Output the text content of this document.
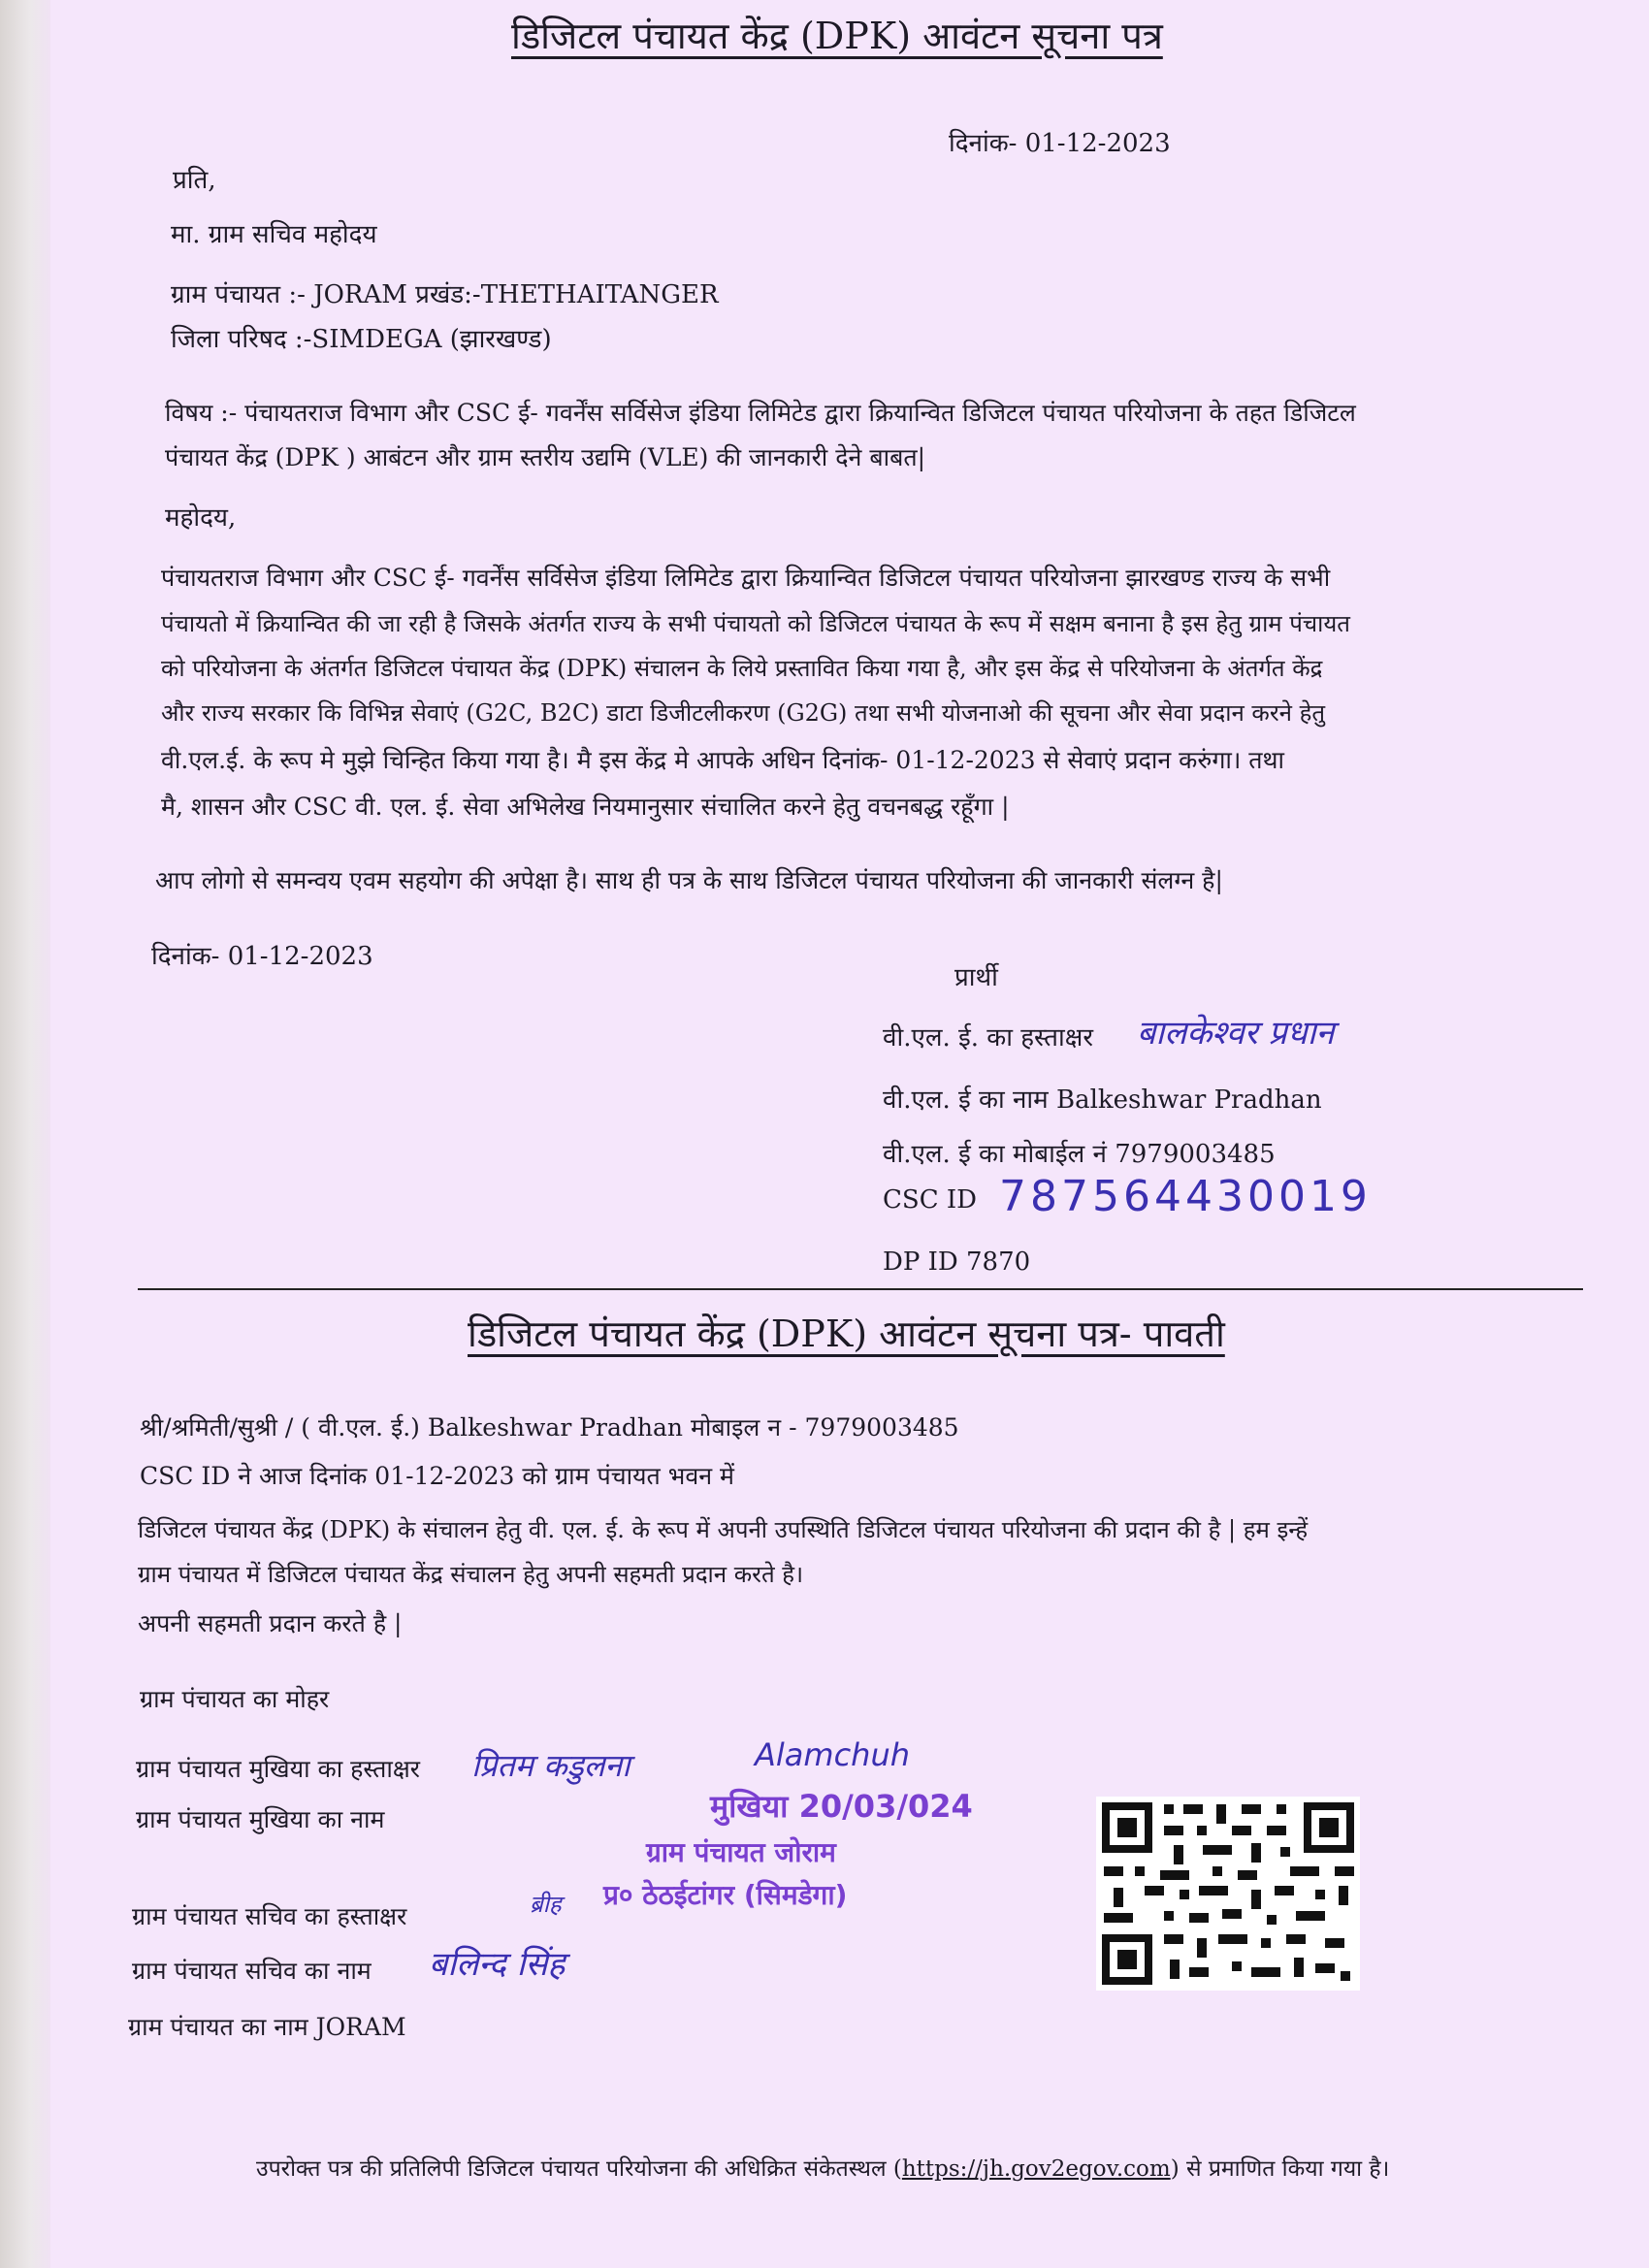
डिजिटल पंचायत केंद्र (DPK) आवंटन सूचना पत्र
दिनांक- 01-12-2023
प्रति,
मा. ग्राम सचिव महोदय
ग्राम पंचायत :- JORAM प्रखंड:-THETHAITANGER
जिला परिषद :-SIMDEGA (झारखण्ड)
विषय :- पंचायतराज विभाग और CSC ई- गवर्नेंस सर्विसेज इंडिया लिमिटेड द्वारा क्रियान्वित डिजिटल पंचायत परियोजना के तहत डिजिटल
पंचायत केंद्र (DPK ) आबंटन और ग्राम स्तरीय उद्यमि (VLE) की जानकारी देने बाबत|
महोदय,
पंचायतराज विभाग और CSC ई- गवर्नेंस सर्विसेज इंडिया लिमिटेड द्वारा क्रियान्वित डिजिटल पंचायत परियोजना झारखण्ड राज्य के सभी
पंचायतो में क्रियान्वित की जा रही है जिसके अंतर्गत राज्य के सभी पंचायतो को डिजिटल पंचायत के रूप में सक्षम बनाना है इस हेतु ग्राम पंचायत
को परियोजना के अंतर्गत डिजिटल पंचायत केंद्र (DPK) संचालन के लिये प्रस्तावित किया गया है, और इस केंद्र से परियोजना के अंतर्गत केंद्र
और राज्य सरकार कि विभिन्न सेवाएं (G2C, B2C) डाटा डिजीटलीकरण (G2G) तथा सभी योजनाओ की सूचना और सेवा प्रदान करने हेतु
वी.एल.ई. के रूप मे मुझे चिन्हित किया गया है। मै इस केंद्र मे आपके अधिन दिनांक- 01-12-2023 से सेवाएं प्रदान करुंगा। तथा
मै, शासन और CSC वी. एल. ई. सेवा अभिलेख नियमानुसार संचालित करने हेतु वचनबद्ध रहूँगा |
आप लोगो से समन्वय एवम सहयोग की अपेक्षा है। साथ ही पत्र के साथ डिजिटल पंचायत परियोजना की जानकारी संलग्न है|
दिनांक- 01-12-2023
प्रार्थी
वी.एल. ई. का हस्ताक्षर बालकेश्वर प्रधान
वी.एल. ई का नाम Balkeshwar Pradhan
वी.एल. ई का मोबाईल नं 7979003485
CSC ID 787564430019
DP ID 7870
डिजिटल पंचायत केंद्र (DPK) आवंटन सूचना पत्र- पावती
श्री/श्रमिती/सुश्री / ( वी.एल. ई.) Balkeshwar Pradhan मोबाइल न - 7979003485
CSC ID ने आज दिनांक 01-12-2023 को ग्राम पंचायत भवन में
डिजिटल पंचायत केंद्र (DPK) के संचालन हेतु वी. एल. ई. के रूप में अपनी उपस्थिति डिजिटल पंचायत परियोजना की प्रदान की है | हम इन्हें
ग्राम पंचायत में डिजिटल पंचायत केंद्र संचालन हेतु अपनी सहमती प्रदान करते है।
अपनी सहमती प्रदान करते है |
ग्राम पंचायत का मोहर
ग्राम पंचायत मुखिया का हस्ताक्षर प्रितम कडुलना	Alamchuh
ग्राम पंचायत मुखिया का नाम	मुखिया 20/03/024
ग्राम पंचायत जोराम
प्र० ठेठईटांगर (सिमडेगा)
ग्राम पंचायत सचिव का हस्ताक्षर	ब्रीह
ग्राम पंचायत सचिव का नाम बलिन्द सिंह
ग्राम पंचायत का नाम JORAM
उपरोक्त पत्र की प्रतिलिपी डिजिटल पंचायत परियोजना की अधिक्रित संकेतस्थल (https://jh.gov2egov.com) से प्रमाणित किया गया है।
